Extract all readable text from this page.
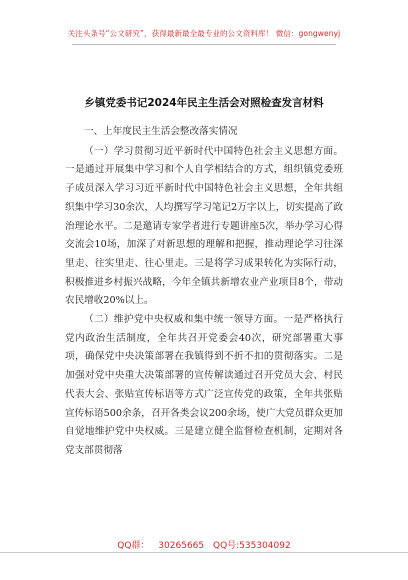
关注头条号“公文研究”，获得最新最全最专业的公文资料库！ 微信：gongwenyj
乡镇党委书记2024年民主生活会对照检查发言材料

一、上年度民主生活会整改落实情况

（一）学习贯彻习近平新时代中国特色社会主义思想方面。一是通过开展集中学习和个人自学相结合的方式，组织镇党委班子成员深入学习习近平新时代中国特色社会主义思想，全年共组织集中学习30余次，人均撰写学习笔记2万字以上，切实提高了政治理论水平。二是邀请专家学者进行专题讲座5次，举办学习心得交流会10场，加深了对新思想的理解和把握，推动理论学习往深里走、往实里走、往心里走。三是将学习成果转化为实际行动，积极推进乡村振兴战略，今年全镇共新增农业产业项目8个，带动农民增收20%以上。

（二）维护党中央权威和集中统一领导方面。一是严格执行党内政治生活制度，全年共召开党委会40次，研究部署重大事项，确保党中央决策部署在我镇得到不折不扣的贯彻落实。二是加强对党中央重大决策部署的宣传解读通过召开党员大会、村民代表大会、张贴宣传标语等方式广泛宣传党的政策，全年共张贴宣传标语500余条，召开各类会议200余场，使广大党员群众更加自觉地维护党中央权威。三是建立健全监督检查机制，定期对各党支部贯彻落

QQ群： 30265665 QQ号:535304092
